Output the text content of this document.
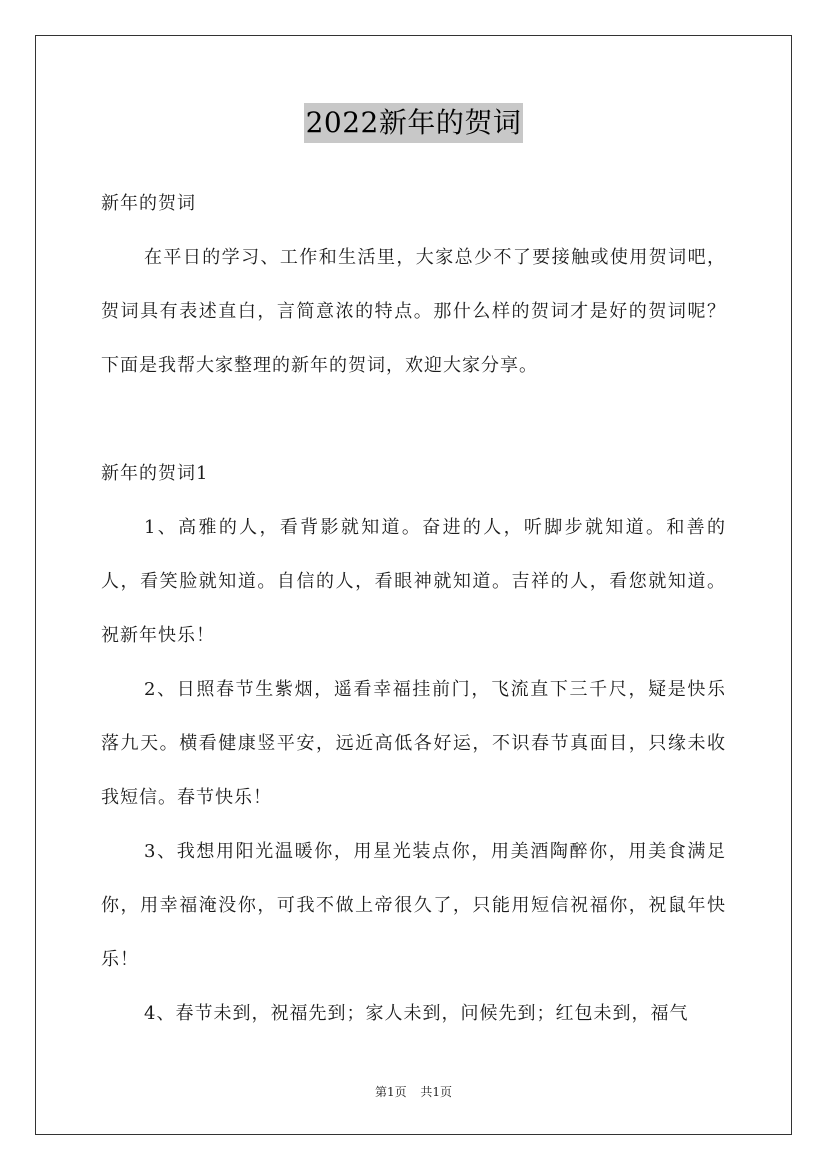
2022新年的贺词

新年的贺词

在平日的学习、工作和生活里，大家总少不了要接触或使用贺词吧，贺词具有表述直白，言简意浓的特点。那什么样的贺词才是好的贺词呢？下面是我帮大家整理的新年的贺词，欢迎大家分享。

新年的贺词1

1、高雅的人，看背影就知道。奋进的人，听脚步就知道。和善的人，看笑脸就知道。自信的人，看眼神就知道。吉祥的人，看您就知道。祝新年快乐！

2、日照春节生紫烟，遥看幸福挂前门，飞流直下三千尺，疑是快乐落九天。横看健康竖平安，远近高低各好运，不识春节真面目，只缘未收我短信。春节快乐！

3、我想用阳光温暖你，用星光装点你，用美酒陶醉你，用美食满足你，用幸福淹没你，可我不做上帝很久了，只能用短信祝福你，祝鼠年快乐！

4、春节未到，祝福先到；家人未到，问候先到；红包未到，福气

第1页 共1页
